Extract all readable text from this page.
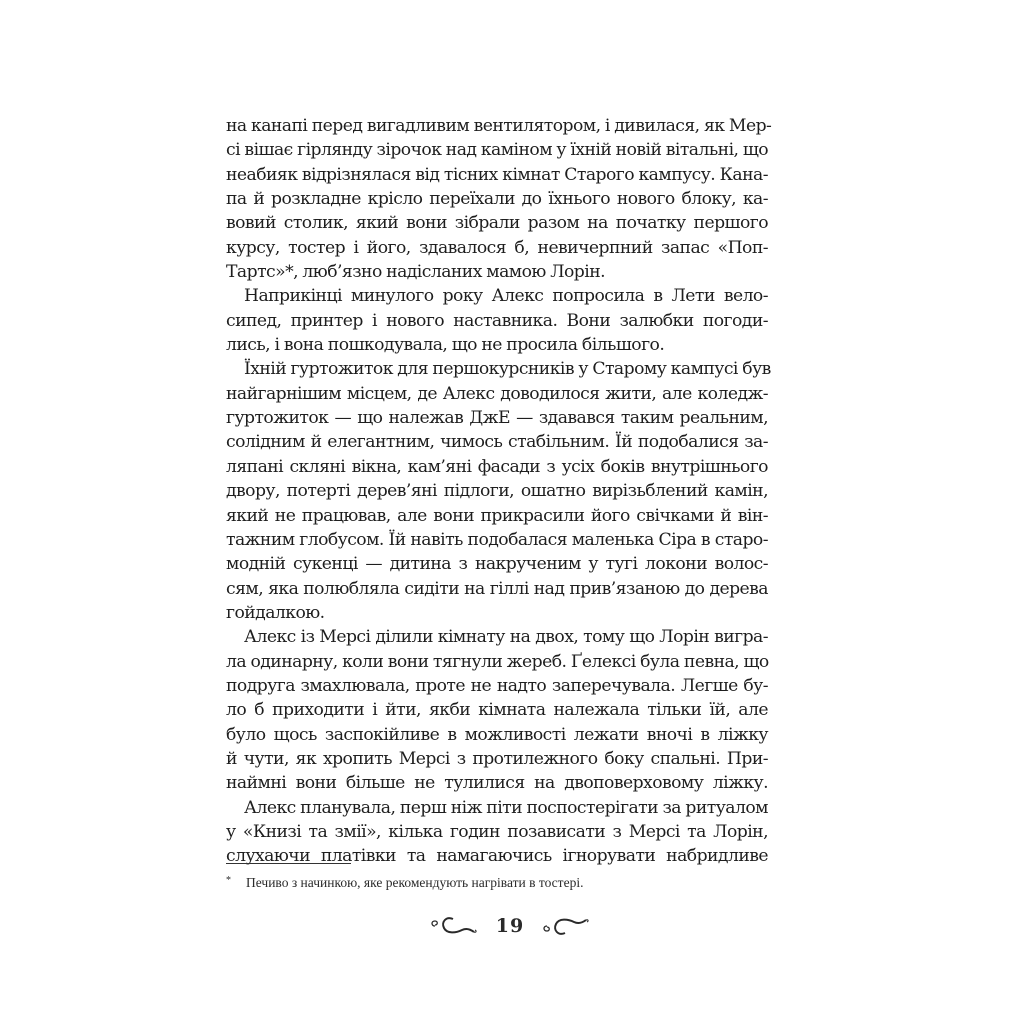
на канапі перед вигадливим вентилятором, і дивилася, як Мер-
сі вішає гірлянду зірочок над каміном у їхній новій вітальні, що
неабияк відрізнялася від тісних кімнат Старого кампусу. Кана-
па й розкладне крісло переїхали до їхнього нового блоку, ка-
вовий столик, який вони зібрали разом на початку першого
курсу, тостер і його, здавалося б, невичерпний запас «Поп-
Тартс»*, люб’язно надісланих мамою Лорін.
Наприкінці минулого року Алекс попросила в Лети вело-
сипед, принтер і нового наставника. Вони залюбки погоди-
лись, і вона пошкодувала, що не просила більшого.
Їхній гуртожиток для першокурсників у Старому кампусі був
найгарнішим місцем, де Алекс доводилося жити, але коледж-
гуртожиток — що належав ДжЕ — здавався таким реальним,
солідним й елегантним, чимось стабільним. Їй подобалися за-
ляпані скляні вікна, кам’яні фасади з усіх боків внутрішнього
двору, потерті дерев’яні підлоги, ошатно вирізьблений камін,
який не працював, але вони прикрасили його свічками й він-
тажним глобусом. Їй навіть подобалася маленька Сіра в старо-
модній сукенці — дитина з накрученим у тугі локони волос-
сям, яка полюбляла сидіти на гіллі над прив’язаною до дерева
гойдалкою.
Алекс із Мерсі ділили кімнату на двох, тому що Лорін вигра-
ла одинарну, коли вони тягнули жереб. Ґелексі була певна, що
подруга змахлювала, проте не надто заперечувала. Легше бу-
ло б приходити і йти, якби кімната належала тільки їй, але
було щось заспокійливе в можливості лежати вночі в ліжку
й чути, як хропить Мерсі з протилежного боку спальні. При-
наймні вони більше не тулилися на двоповерховому ліжку.
Алекс планувала, перш ніж піти поспостерігати за ритуалом
у «Книзі та змії», кілька годин позависати з Мерсі та Лорін,
слухаючи платівки та намагаючись ігнорувати набридливе
* Печиво з начинкою, яке рекомендують нагрівати в тостері.
19
